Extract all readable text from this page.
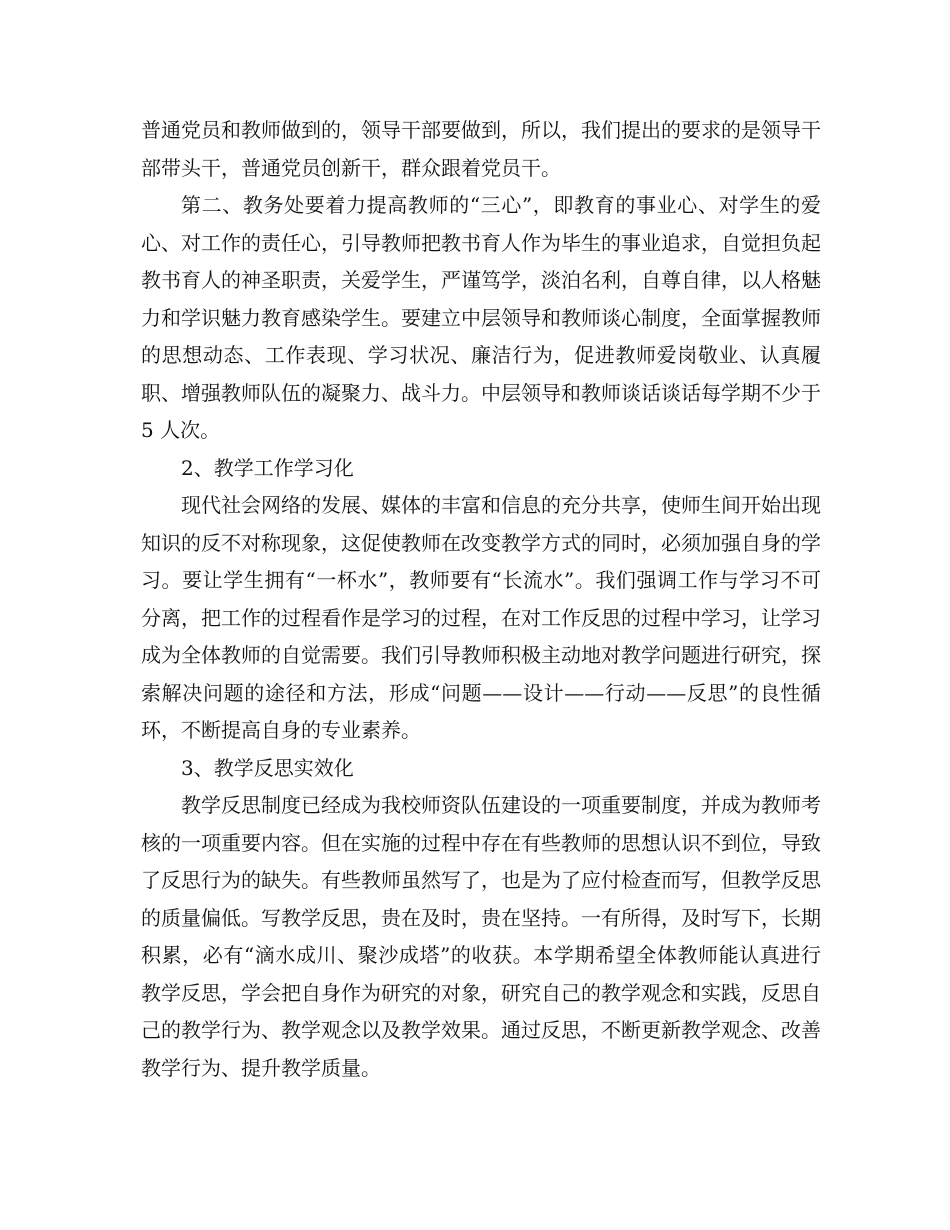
普通党员和教师做到的，领导干部要做到，所以，我们提出的要求的是领导干部带头干，普通党员创新干，群众跟着党员干。

第二、教务处要着力提高教师的“三心”，即教育的事业心、对学生的爱心、对工作的责任心，引导教师把教书育人作为毕生的事业追求，自觉担负起教书育人的神圣职责，关爱学生，严谨笃学，淡泊名利，自尊自律，以人格魅力和学识魅力教育感染学生。要建立中层领导和教师谈心制度，全面掌握教师的思想动态、工作表现、学习状况、廉洁行为，促进教师爱岗敬业、认真履职、增强教师队伍的凝聚力、战斗力。中层领导和教师谈话谈话每学期不少于 5 人次。

2、教学工作学习化

现代社会网络的发展、媒体的丰富和信息的充分共享，使师生间开始出现知识的反不对称现象，这促使教师在改变教学方式的同时，必须加强自身的学习。要让学生拥有“一杯水”，教师要有“长流水”。我们强调工作与学习不可分离，把工作的过程看作是学习的过程，在对工作反思的过程中学习，让学习成为全体教师的自觉需要。我们引导教师积极主动地对教学问题进行研究，探索解决问题的途径和方法，形成“问题——设计——行动——反思”的良性循环，不断提高自身的专业素养。

3、教学反思实效化

教学反思制度已经成为我校师资队伍建设的一项重要制度，并成为教师考核的一项重要内容。但在实施的过程中存在有些教师的思想认识不到位，导致了反思行为的缺失。有些教师虽然写了，也是为了应付检查而写，但教学反思的质量偏低。写教学反思，贵在及时，贵在坚持。一有所得，及时写下，长期积累，必有“滴水成川、聚沙成塔”的收获。本学期希望全体教师能认真进行教学反思，学会把自身作为研究的对象，研究自己的教学观念和实践，反思自己的教学行为、教学观念以及教学效果。通过反思，不断更新教学观念、改善教学行为、提升教学质量。
